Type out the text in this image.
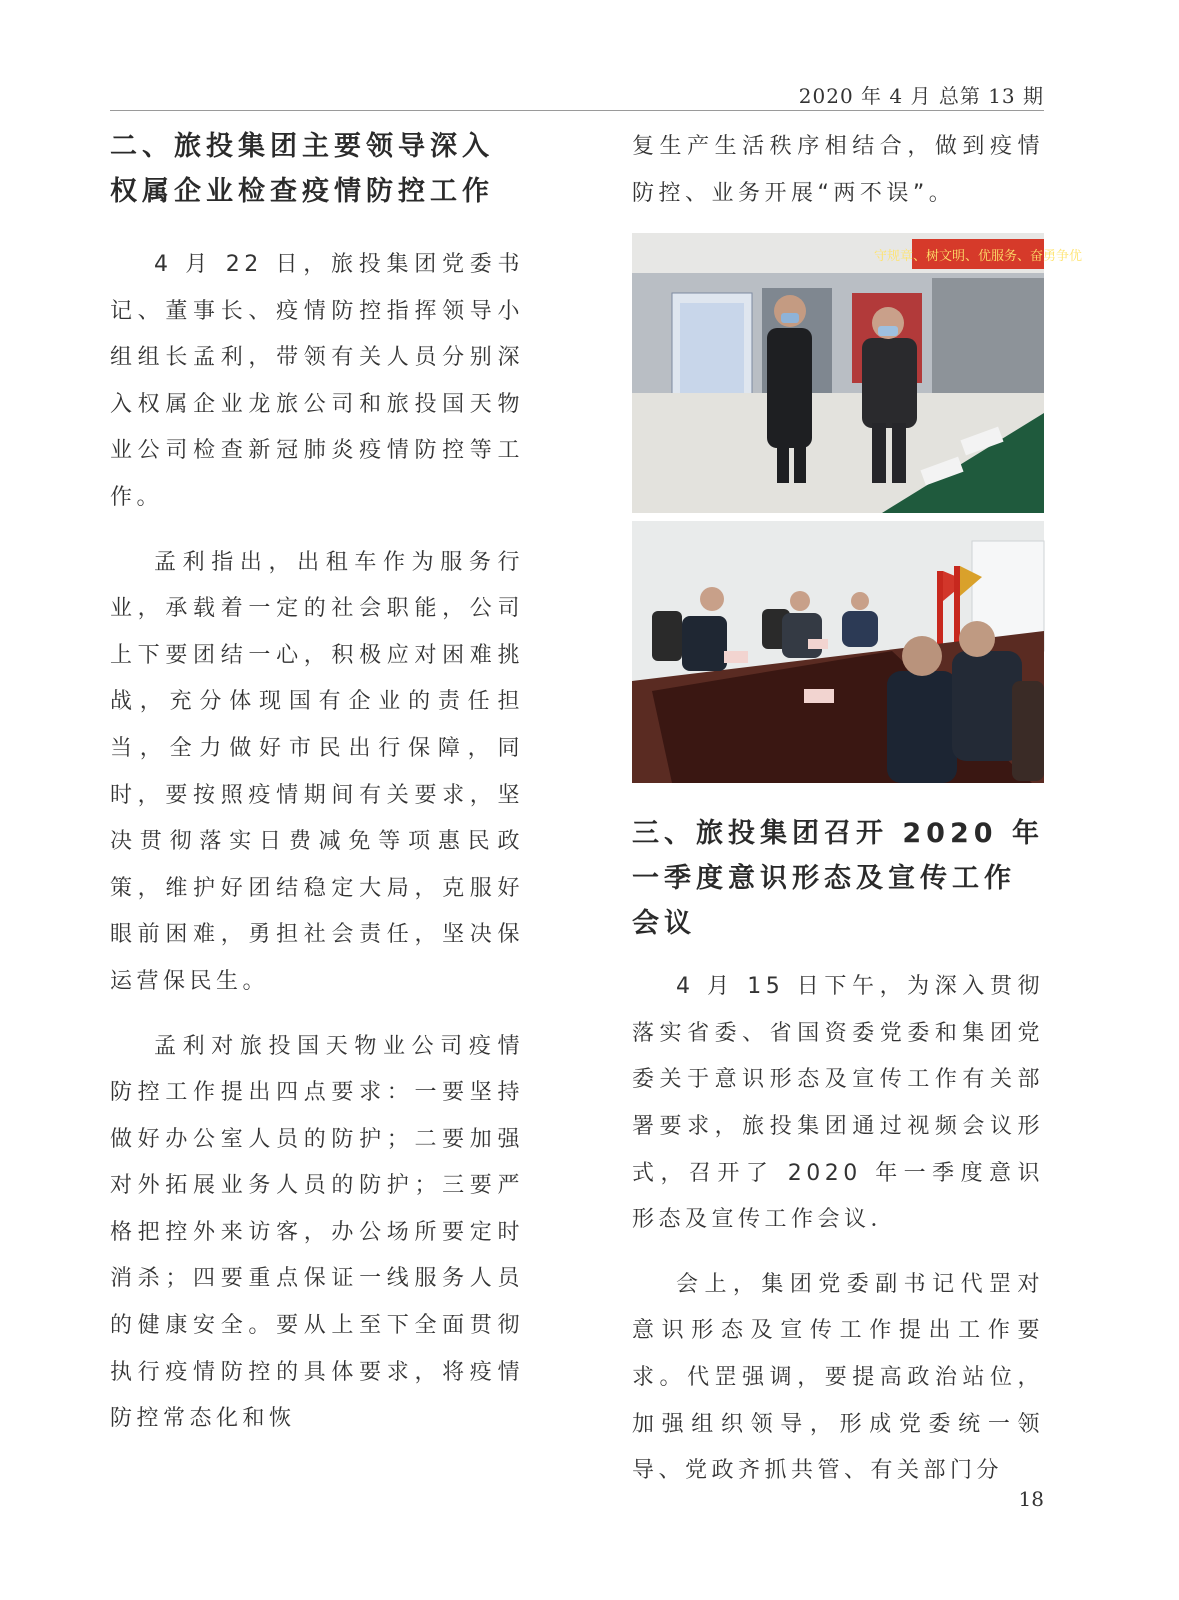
2020 年 4 月 总第 13 期
二、旅投集团主要领导深入权属企业检查疫情防控工作

4 月 22 日，旅投集团党委书记、董事长、疫情防控指挥领导小组组长孟利，带领有关人员分别深入权属企业龙旅公司和旅投国天物业公司检查新冠肺炎疫情防控等工作。

孟利指出，出租车作为服务行业，承载着一定的社会职能，公司上下要团结一心，积极应对困难挑战，充分体现国有企业的责任担当，全力做好市民出行保障，同时，要按照疫情期间有关要求，坚决贯彻落实日费减免等项惠民政策，维护好团结稳定大局，克服好眼前困难，勇担社会责任，坚决保运营保民生。

孟利对旅投国天物业公司疫情防控工作提出四点要求：一要坚持做好办公室人员的防护；二要加强对外拓展业务人员的防护；三要严格把控外来访客，办公场所要定时消杀；四要重点保证一线服务人员的健康安全。要从上至下全面贯彻执行疫情防控的具体要求，将疫情防控常态化和恢

复生产生活秩序相结合，做到疫情防控、业务开展“两不误”。

守规章、树文明、优服务、奋勇争优
三、旅投集团召开 2020 年一季度意识形态及宣传工作会议

4 月 15 日下午，为深入贯彻落实省委、省国资委党委和集团党委关于意识形态及宣传工作有关部署要求，旅投集团通过视频会议形式，召开了 2020 年一季度意识形态及宣传工作会议．

会上，集团党委副书记代罡对意识形态及宣传工作提出工作要求。代罡强调，要提高政治站位，加强组织领导，形成党委统一领导、党政齐抓共管、有关部门分

18
